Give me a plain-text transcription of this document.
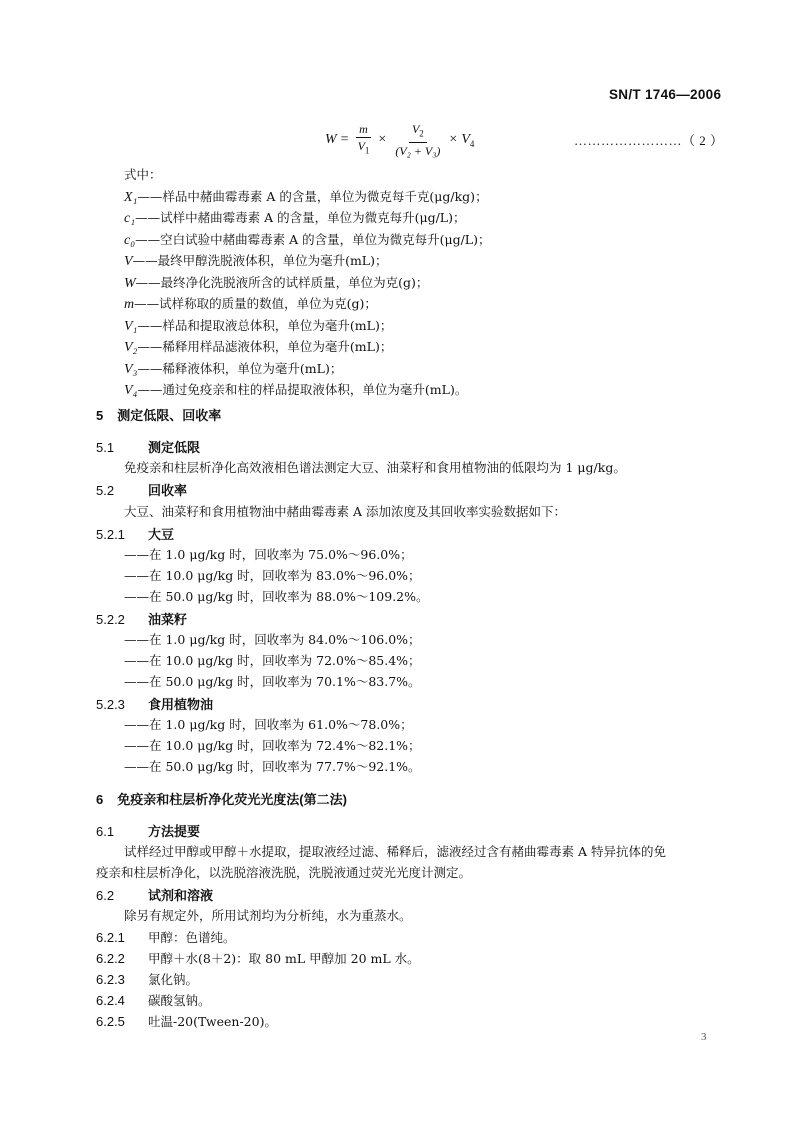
SN/T 1746—2006
$W = \frac{m}{V_1} \times \frac{V_2}{\text{(V₂ + V₃)}} \times V_4$	……………………（ 2 ）
式中：
X₁——样品中赭曲霉毒素 A 的含量，单位为微克每千克(μg/kg)；
c₁——试样中赭曲霉毒素 A 的含量，单位为微克每升(μg/L)；
c₀——空白试验中赭曲霉毒素 A 的含量，单位为微克每升(μg/L)；
V——最终甲醇洗脱液体积，单位为毫升(mL)；
W——最终净化洗脱液所含的试样质量，单位为克(g)；
m——试样称取的质量的数值，单位为克(g)；
V₁——样品和提取液总体积，单位为毫升(mL)；
V₂——稀释用样品滤液体积，单位为毫升(mL)；
V₃——稀释液体积，单位为毫升(mL)；
V₄——通过免疫亲和柱的样品提取液体积，单位为毫升(mL)。
5 测定低限、回收率
5.1	测定低限
免疫亲和柱层析净化高效液相色谱法测定大豆、油菜籽和食用植物油的低限均为 1 μg/kg。
5.2	回收率
大豆、油菜籽和食用植物油中赭曲霉毒素 A 添加浓度及其回收率实验数据如下：
5.2.1 大豆
——在 1.0 μg/kg 时，回收率为 75.0%～96.0%；
——在 10.0 μg/kg 时，回收率为 83.0%～96.0%；
——在 50.0 μg/kg 时，回收率为 88.0%～109.2%。
5.2.2 油菜籽
——在 1.0 μg/kg 时，回收率为 84.0%～106.0%；
——在 10.0 μg/kg 时，回收率为 72.0%～85.4%；
——在 50.0 μg/kg 时，回收率为 70.1%～83.7%。
5.2.3 食用植物油
——在 1.0 μg/kg 时，回收率为 61.0%～78.0%；
——在 10.0 μg/kg 时，回收率为 72.4%～82.1%；
——在 50.0 μg/kg 时，回收率为 77.7%～92.1%。
6 免疫亲和柱层析净化荧光光度法(第二法)
6.1	方法提要
试样经过甲醇或甲醇＋水提取，提取液经过滤、稀释后，滤液经过含有赭曲霉毒素 A 特异抗体的免
疫亲和柱层析净化，以洗脱溶液洗脱，洗脱液通过荧光光度计测定。
6.2	试剂和溶液
除另有规定外，所用试剂均为分析纯，水为重蒸水。
6.2.1 甲醇：色谱纯。
6.2.2 甲醇＋水(8＋2)：取 80 mL 甲醇加 20 mL 水。
6.2.3 氯化钠。
6.2.4 碳酸氢钠。
6.2.5 吐温-20(Tween-20)。
3
